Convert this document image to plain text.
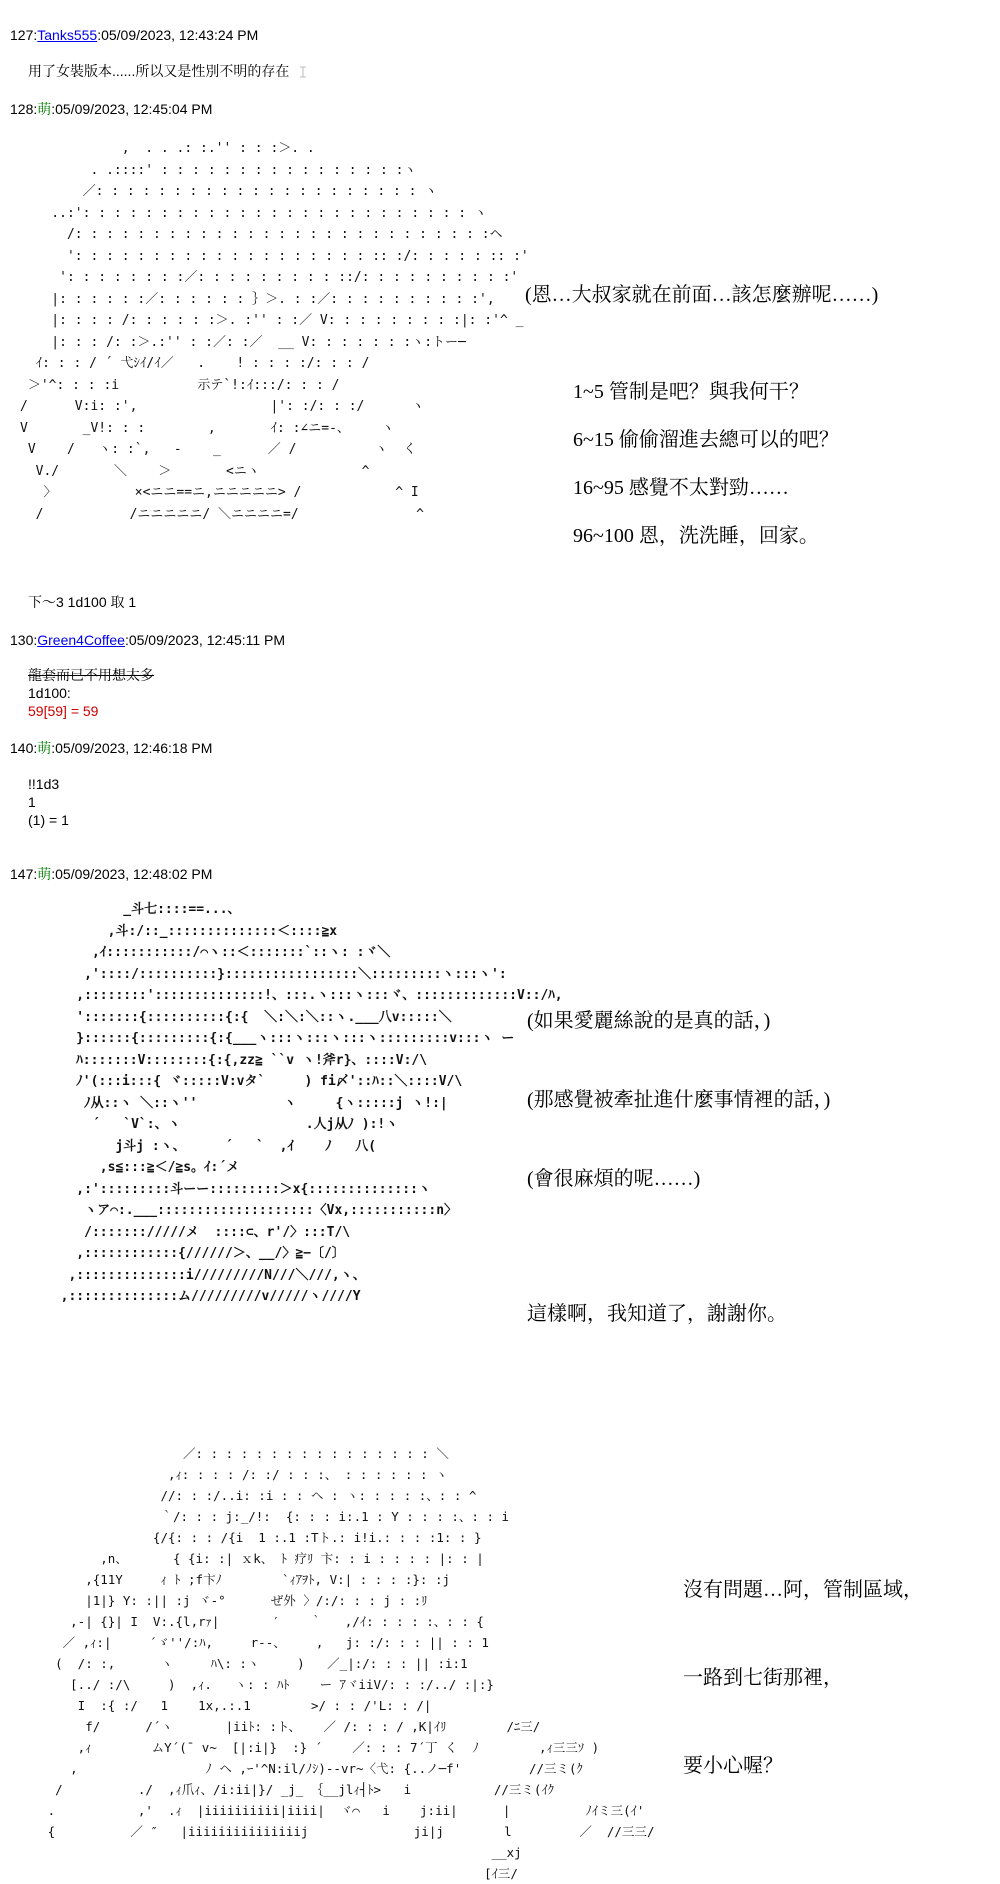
127:Tanks555:05/09/2023, 12:43:24 PM
用了女裝版本......所以又是性別不明的存在
128:萌:05/09/2023, 12:45:04 PM
,  . . .: :.'' : : :＞. .
. .::::' : : : : : : : : : : : : : : : :ヽ
／: : : : : : : : : : : : : : : : : : : : : ヽ
..:': : : : : : : : : : : : : : : : : : : : : : : : : ヽ
/: : : : : : : : : : : : : : : : : : : : : : : : : : :ヘ
': : : : : : : : : : : : : : : : : : : :: :/: : : : : :: :'
': : : : : : : :／: : : : : : : : : ::/: : : : : : : : : :'
|: : : : : :／: : : : : : ｝＞. : :／: : : : : : : : : :',
|: : : : /: : : : : :＞. :'' : :／ V: : : : : : : : :|: :'^ _
|: : : /: :＞.:'' : :／: :／  __ V: : : : : : :ヽ:トー─
ｲ: : : / ´ 弋ｼｲ/ｲ／   .    ! : : : :/: : : /
＞'^: : : :i          示テ`!:ｲ:::/: : : /
/      V:i: :',                 |': :/: : :/      ヽ
V       _V!: : :        ,       ｲ: :∠ニ=-、    ヽ
V    /   ヽ: :`,   -    _      ／ /          ヽ  く
V./       ＼    ＞       <ニヽ             ^
〉          ×<ニニ==ニ,ニニニニニ> /            ^ I
/           /ニニニニニ/ ＼ニニニニ=/               ^
(恩…大叔家就在前面…該怎麼辦呢……)
1~5 管制是吧？與我何干？
6~15 偷偷溜進去總可以的吧？
16~95 感覺不太對勁……
96~100 恩，洗洗睡，回家。
下〜3 1d100 取 1
130:Green4Coffee:05/09/2023, 12:45:11 PM
龍套而已不用想太多
1d100:
59[59] = 59
140:萌:05/09/2023, 12:46:18 PM
!!1d3
1
(1) = 1
147:萌:05/09/2023, 12:48:02 PM
_斗七::::==...、
,斗:/::_::::::::::::::＜::::≧x
,ｲ:::::::::::/⌒ヽ::＜:::::::`::ヽ: :ヾ＼
,'::::/::::::::::}:::::::::::::::::＼:::::::::ヽ:::ヽ':
,::::::::'::::::::::::::!、:::.ヽ:::ヽ:::ヾ、:::::::::::::V::/ﾊ,
':::::::{::::::::::{:{  ＼:＼:＼::ヽ.___八v:::::＼
}::::::{:::::::::{:{___ヽ:::ヽ:::ヽ:::ヽ:::::::::v:::ヽ ー
ﾊ:::::::V::::::::{:{,zz≧ ``v ヽ!斧r}、::::V:/\
ﾉ'(:::i:::{ ヾ:::::V:vタ`     ) fi〆'::ﾊ::＼::::V/\
ﾉ从::ヽ ＼::ヽ''           ヽ     {ヽ:::::j ヽ!:|
´   `V`:、ヽ                .人j从ﾉ ):!ヽ
j斗j :ヽ、     ´   `  ,ｲ    ﾉ   八(
,s≦:::≧＜/≧s。ｲ:´メ
,:':::::::::斗ーー:::::::::＞x{::::::::::::::ヽ
ヽア⌒:.___::::::::::::::::::::〈Vx,:::::::::::n〉
/::::::://///メ  ::::⊂、r'/〉:::T/\
,::::::::::::{//////＞、__/〉≧−〔/〕
,::::::::::::::i/////////N///＼///,ヽ、
,::::::::::::::ム/////////v/////ヽ////Y
(如果愛麗絲說的是真的話，)
(那感覺被牽扯進什麼事情裡的話，)
(會很麻煩的呢……)
這樣啊，我知道了，謝謝你。
／: : : : : : : : : : : : : : : : ＼
,ｨ: : : : /: :/ : : :、 : : : : : : ヽ
//: : :/..i: :i : : ヘ : ヽ: : : : :、: : ^
｀/: : : j:_/!:  {: : : i:.1 : Y : : : :、: : i
{/{: : : /{i  1 :.1 :Tト.: i!i.: : : :1: : }
,n、      { {i: :| ｘk、 ﾄ 疗ﾘ 卞: : i : : : : |: : |
,{11Y     ｨ ﾄ ;f卞ﾉ        `ｨｱｦﾄ, V:| : : : :}: :j
|1|} Y: :|| :j ヾ-°      ぜ外 〉/:/: : : j : :ﾘ
,-| {}| I  V:.{l,rｧ|       ′    ｀   ,/ｲ: : : : :、: : {
／ ,ｨ:|     ´ゞ''/:ﾊ,     r--、    ,   j: :/: : : || : : 1
(  /: :,      ヽ     ﾊ\: :ヽ     )   ／_|:/: : : || :i:1
[../ :/\     )  ,ｨ.   ヽ: : ﾊﾄ    ー ｱヾiiV/: : :/../ :|:}
I  :{ :/   1    1x,.:.1        >/ : : /'L: : /|
f/      /´ヽ       |iiﾄ: :ト、   ／ /: : : / ,K|ｲﾘ        /ﾆ三/
,ｨ        ムY´(¯ v~  [|:i|}  :} ´    ／: : : 7´丁 く  ﾉ        ,ｨ三三ｿ )
,                 ﾉ ヘ ,ｰ'^N:il/ﾉｼ)--vr~〈弋: {..ノ─f'         //三ミ(ｸ
/          ./  ,ｨ爪ｨ、/i:ii|}/ _j_ ｛__jlｨ┤ﾄ>   i           //三ミ(ｲｸ
.           ,'  .ｨ  |iiiiiiiiii|iiii|  ヾ⌒   i    j:ii|      |          ﾉｲミ三(ｲ'
{          ／ ″   |iiiiiiiiiiiiiiij              ji|j        l         ／  //三三/
__xj
[ｲ三/
沒有問題…阿，管制區域，
一路到七街那裡，
要小心喔？
